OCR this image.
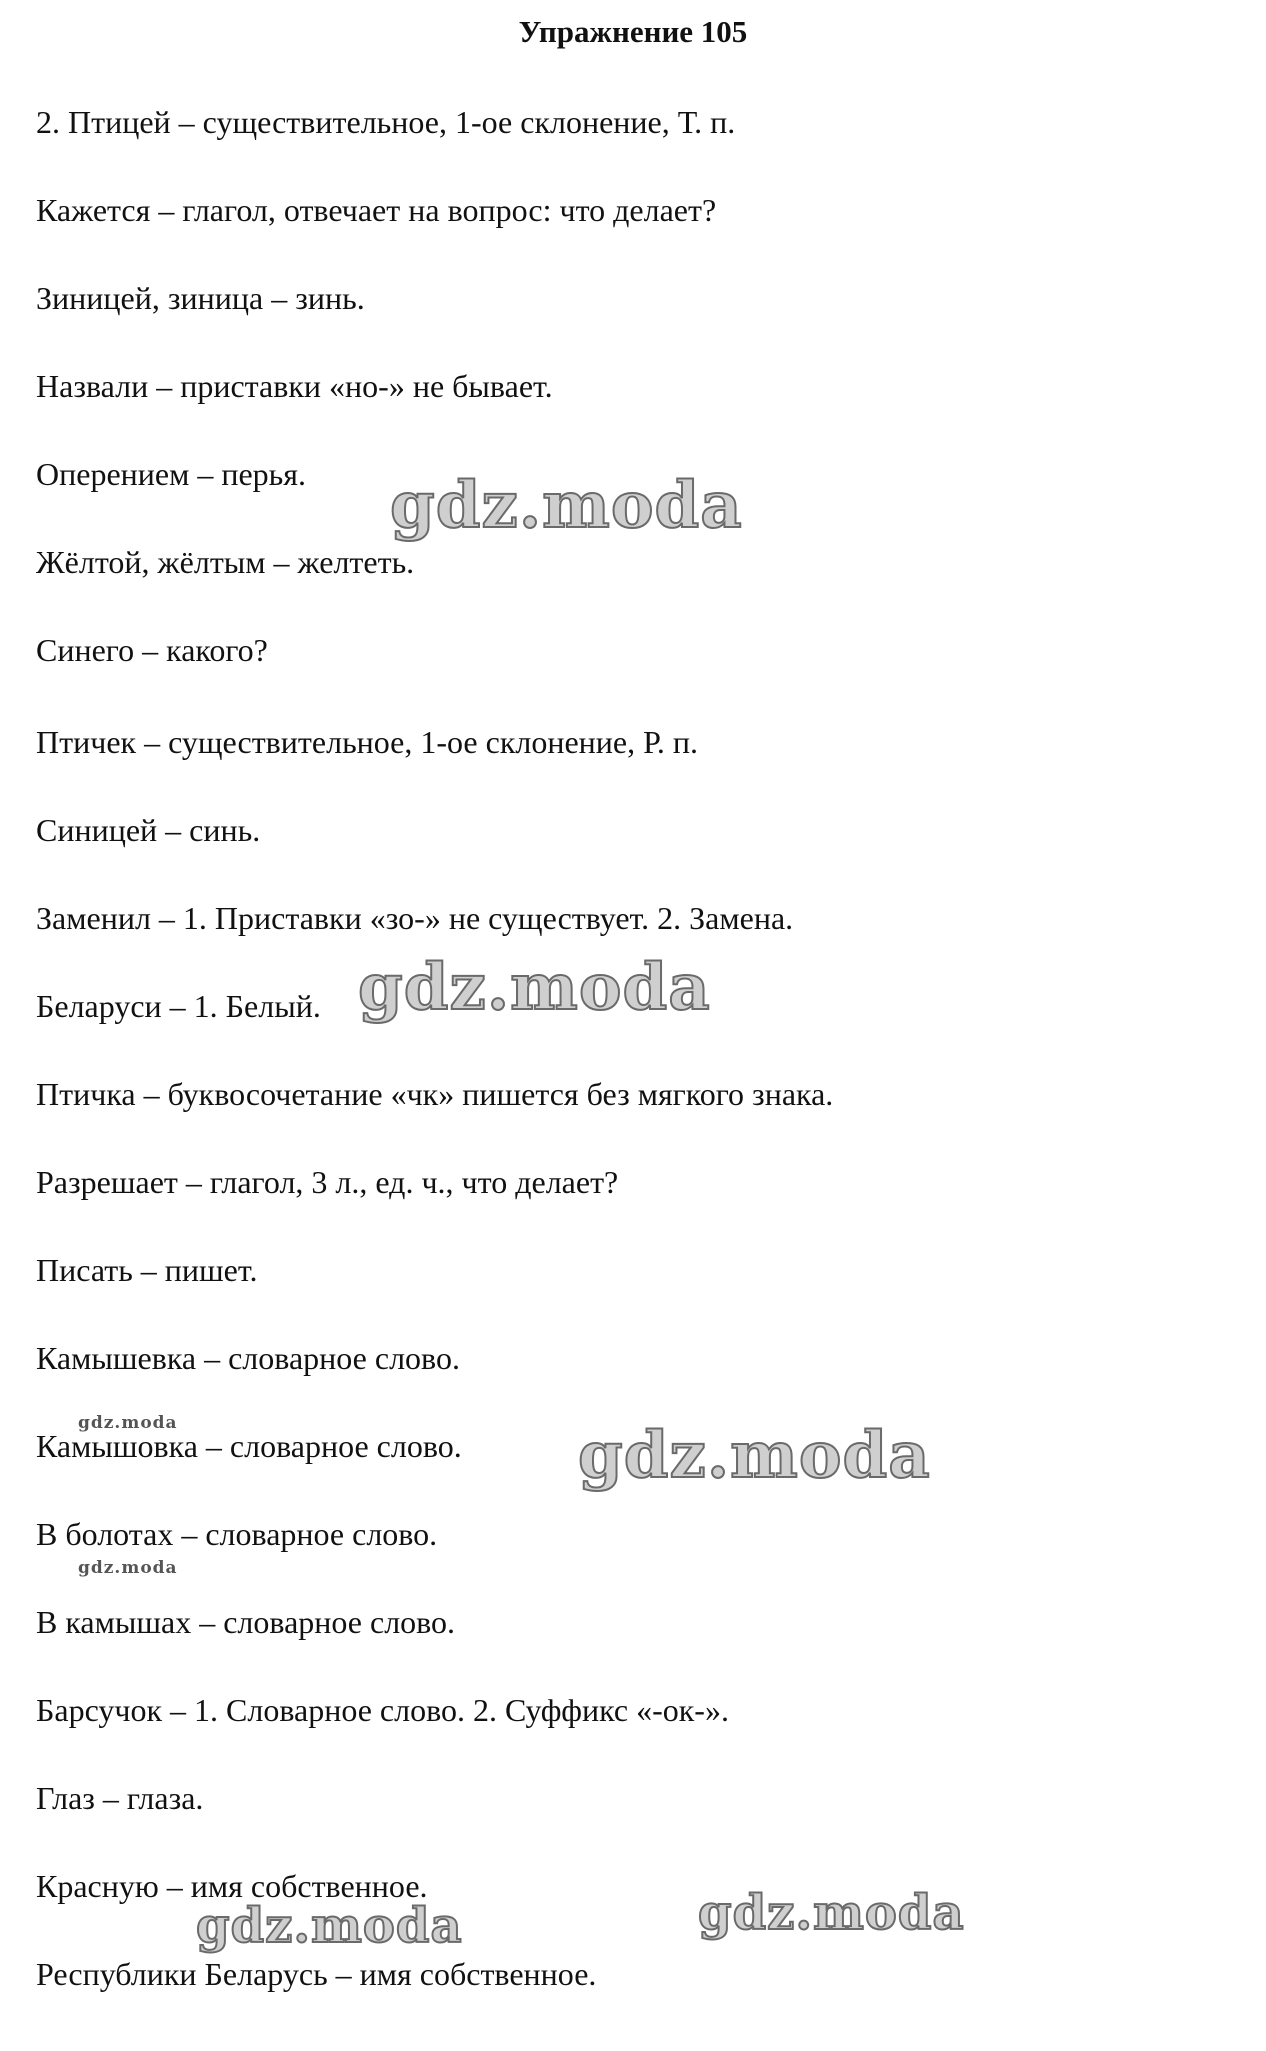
Упражнение 105
2. Птицей – существительное, 1-ое склонение, Т. п.
Кажется – глагол, отвечает на вопрос: что делает?
Зиницей, зиница – зинь.
Назвали – приставки «но-» не бывает.
Оперением – перья.
Жёлтой, жёлтым – желтеть.
Синего – какого?
Птичек – существительное, 1-ое склонение, Р. п.
Синицей – синь.
Заменил – 1. Приставки «зо-» не существует. 2. Замена.
Беларуси – 1. Белый.
Птичка – буквосочетание «чк» пишется без мягкого знака.
Разрешает – глагол, 3 л., ед. ч., что делает?
Писать – пишет.
Камышевка – словарное слово.
Камышовка – словарное слово.
В болотах – словарное слово.
В камышах – словарное слово.
Барсучок – 1. Словарное слово. 2. Суффикс «-ок-».
Глаз – глаза.
Красную – имя собственное.
Республики Беларусь – имя собственное.
gdz.moda
gdz.moda
gdz.moda
gdz.moda	gdz.moda
gdz.moda
gdz.moda
